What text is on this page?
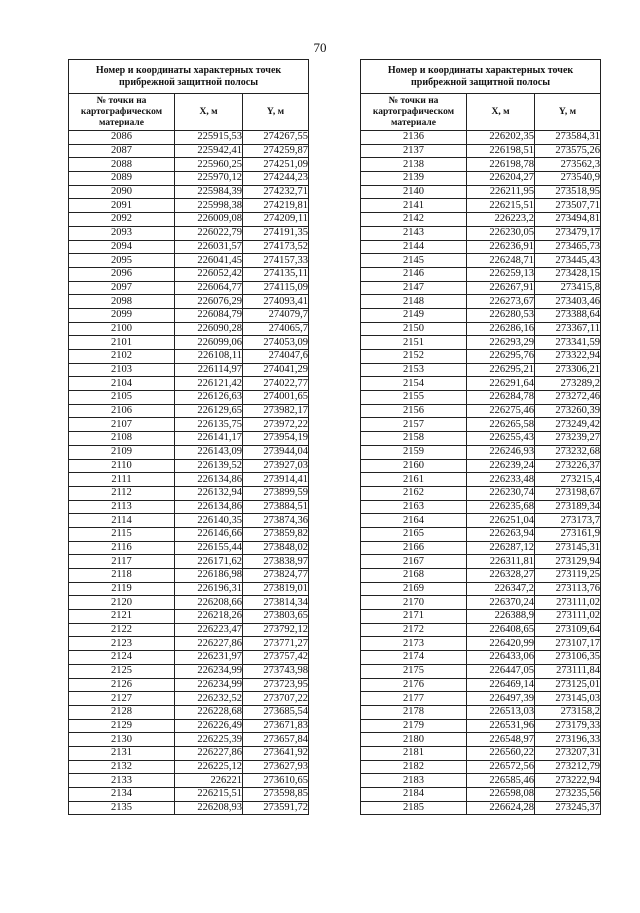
70
Номер и координаты характерных точек прибрежной защитной полосы		
№ точки на картографическом материале	X, м	Y, м
2086	225915,53	274267,55
2087	225942,41	274259,87
2088	225960,25	274251,09
2089	225970,12	274244,23
2090	225984,39	274232,71
2091	225998,38	274219,81
2092	226009,08	274209,11
2093	226022,79	274191,35
2094	226031,57	274173,52
2095	226041,45	274157,33
2096	226052,42	274135,11
2097	226064,77	274115,09
2098	226076,29	274093,41
2099	226084,79	274079,7
2100	226090,28	274065,7
2101	226099,06	274053,09
2102	226108,11	274047,6
2103	226114,97	274041,29
2104	226121,42	274022,77
2105	226126,63	274001,65
2106	226129,65	273982,17
2107	226135,75	273972,22
2108	226141,17	273954,19
2109	226143,09	273944,04
2110	226139,52	273927,03
2111	226134,86	273914,41
2112	226132,94	273899,59
2113	226134,86	273884,51
2114	226140,35	273874,36
2115	226146,66	273859,82
2116	226155,44	273848,02
2117	226171,62	273838,97
2118	226186,98	273824,77
2119	226196,31	273819,01
2120	226208,66	273814,34
2121	226218,26	273803,65
2122	226223,47	273792,12
2123	226227,86	273771,27
2124	226231,97	273757,42
2125	226234,99	273743,98
2126	226234,99	273723,95
2127	226232,52	273707,22
2128	226228,68	273685,54
2129	226226,49	273671,83
2130	226225,39	273657,84
2131	226227,86	273641,92
2132	226225,12	273627,93
2133	226221	273610,65
2134	226215,51	273598,85
2135	226208,93	273591,72
Номер и координаты характерных точек прибрежной защитной полосы		
№ точки на картографическом материале	X, м	Y, м
2136	226202,35	273584,31
2137	226198,51	273575,26
2138	226198,78	273562,3
2139	226204,27	273540,9
2140	226211,95	273518,95
2141	226215,51	273507,71
2142	226223,2	273494,81
2143	226230,05	273479,17
2144	226236,91	273465,73
2145	226248,71	273445,43
2146	226259,13	273428,15
2147	226267,91	273415,8
2148	226273,67	273403,46
2149	226280,53	273388,64
2150	226286,16	273367,11
2151	226293,29	273341,59
2152	226295,76	273322,94
2153	226295,21	273306,21
2154	226291,64	273289,2
2155	226284,78	273272,46
2156	226275,46	273260,39
2157	226265,58	273249,42
2158	226255,43	273239,27
2159	226246,93	273232,68
2160	226239,24	273226,37
2161	226233,48	273215,4
2162	226230,74	273198,67
2163	226235,68	273189,34
2164	226251,04	273173,7
2165	226263,94	273161,9
2166	226287,12	273145,31
2167	226311,81	273129,94
2168	226328,27	273119,25
2169	226347,2	273113,76
2170	226370,24	273111,02
2171	226388,9	273111,02
2172	226408,65	273109,64
2173	226420,99	273107,17
2174	226433,06	273106,35
2175	226447,05	273111,84
2176	226469,14	273125,01
2177	226497,39	273145,03
2178	226513,03	273158,2
2179	226531,96	273179,33
2180	226548,97	273196,33
2181	226560,22	273207,31
2182	226572,56	273212,79
2183	226585,46	273222,94
2184	226598,08	273235,56
2185	226624,28	273245,37
